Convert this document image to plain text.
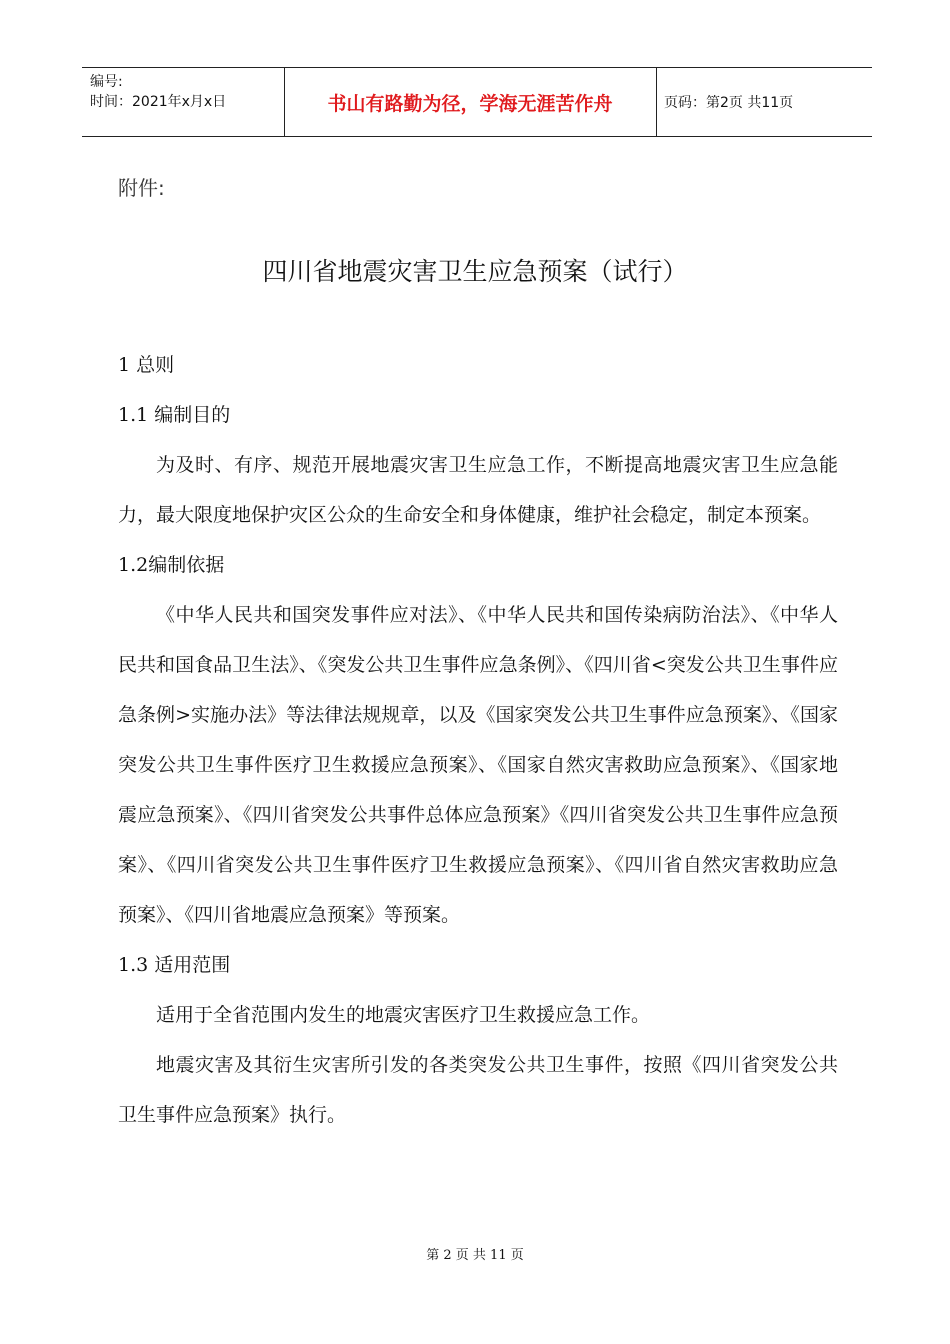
编号:
时间：2021年x月x日	书山有路勤为径，学海无涯苦作舟	页码：第2页 共11页
附件:
四川省地震灾害卫生应急预案（试行）
1 总则
1.1 编制目的
为及时、有序、规范开展地震灾害卫生应急工作，不断提高地震灾害卫生应急能力，最大限度地保护灾区公众的生命安全和身体健康，维护社会稳定，制定本预案。
1.2编制依据
《中华人民共和国突发事件应对法》、《中华人民共和国传染病防治法》、《中华人民共和国食品卫生法》、《突发公共卫生事件应急条例》、《四川省<突发公共卫生事件应急条例>实施办法》等法律法规规章，以及《国家突发公共卫生事件应急预案》、《国家突发公共卫生事件医疗卫生救援应急预案》、《国家自然灾害救助应急预案》、《国家地震应急预案》、《四川省突发公共事件总体应急预案》《四川省突发公共卫生事件应急预案》、《四川省突发公共卫生事件医疗卫生救援应急预案》、《四川省自然灾害救助应急预案》、《四川省地震应急预案》等预案。
1.3 适用范围
适用于全省范围内发生的地震灾害医疗卫生救援应急工作。
地震灾害及其衍生灾害所引发的各类突发公共卫生事件，按照《四川省突发公共卫生事件应急预案》执行。
第 2 页 共 11 页
